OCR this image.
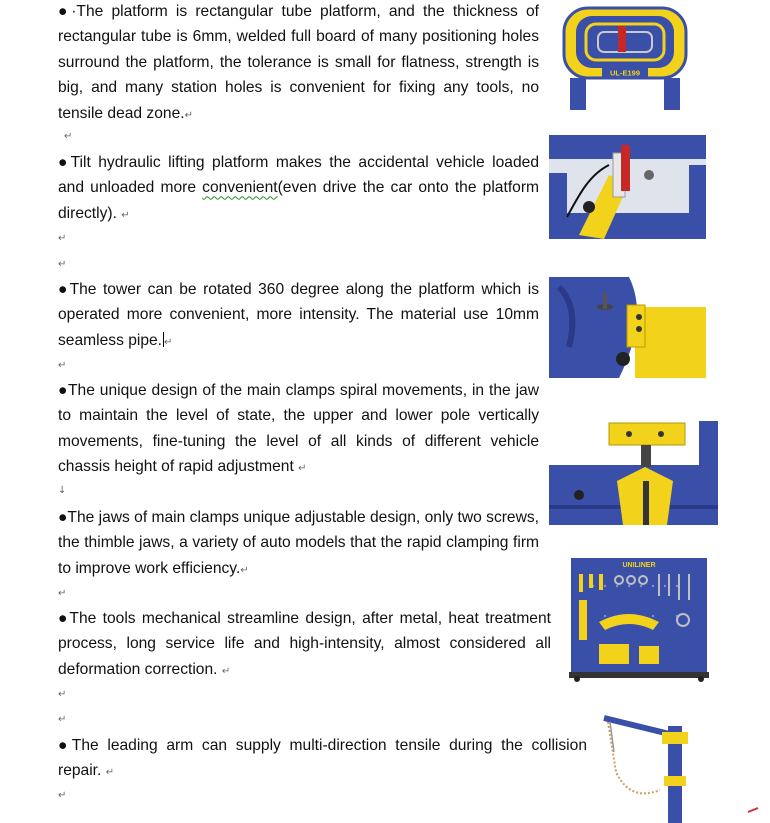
●·The platform is rectangular tube platform, and the thickness of rectangular tube is 6mm, welded full board of many positioning holes surround the platform, the tolerance is small for flatness, strength is big, and many station holes is convenient for fixing any tools, no tensile dead zone.↵
↵
●Tilt hydraulic lifting platform makes the accidental vehicle loaded and unloaded more convenient(even drive the car onto the platform directly). ↵
↵
↵
●The tower can be rotated 360 degree along the platform which is operated more convenient, more intensity. The material use 10mm seamless pipe. ↵
↵
●The unique design of the main clamps spiral movements, in the jaw to maintain the level of state, the upper and lower pole vertically movements, fine-tuning the level of all kinds of different vehicle chassis height of rapid adjustment ↵
↓
●The jaws of main clamps unique adjustable design, only two screws, the thimble jaws, a variety of auto models that the rapid clamping firm to improve work efficiency.↵
↵
●The tools mechanical streamline design, after metal, heat treatment process, long service life and high-intensity, almost considered all deformation correction. ↵
↵
↵
●The leading arm can supply multi-direction tensile during the collision repair. ↵
↵
UL-E199
UNILINER
